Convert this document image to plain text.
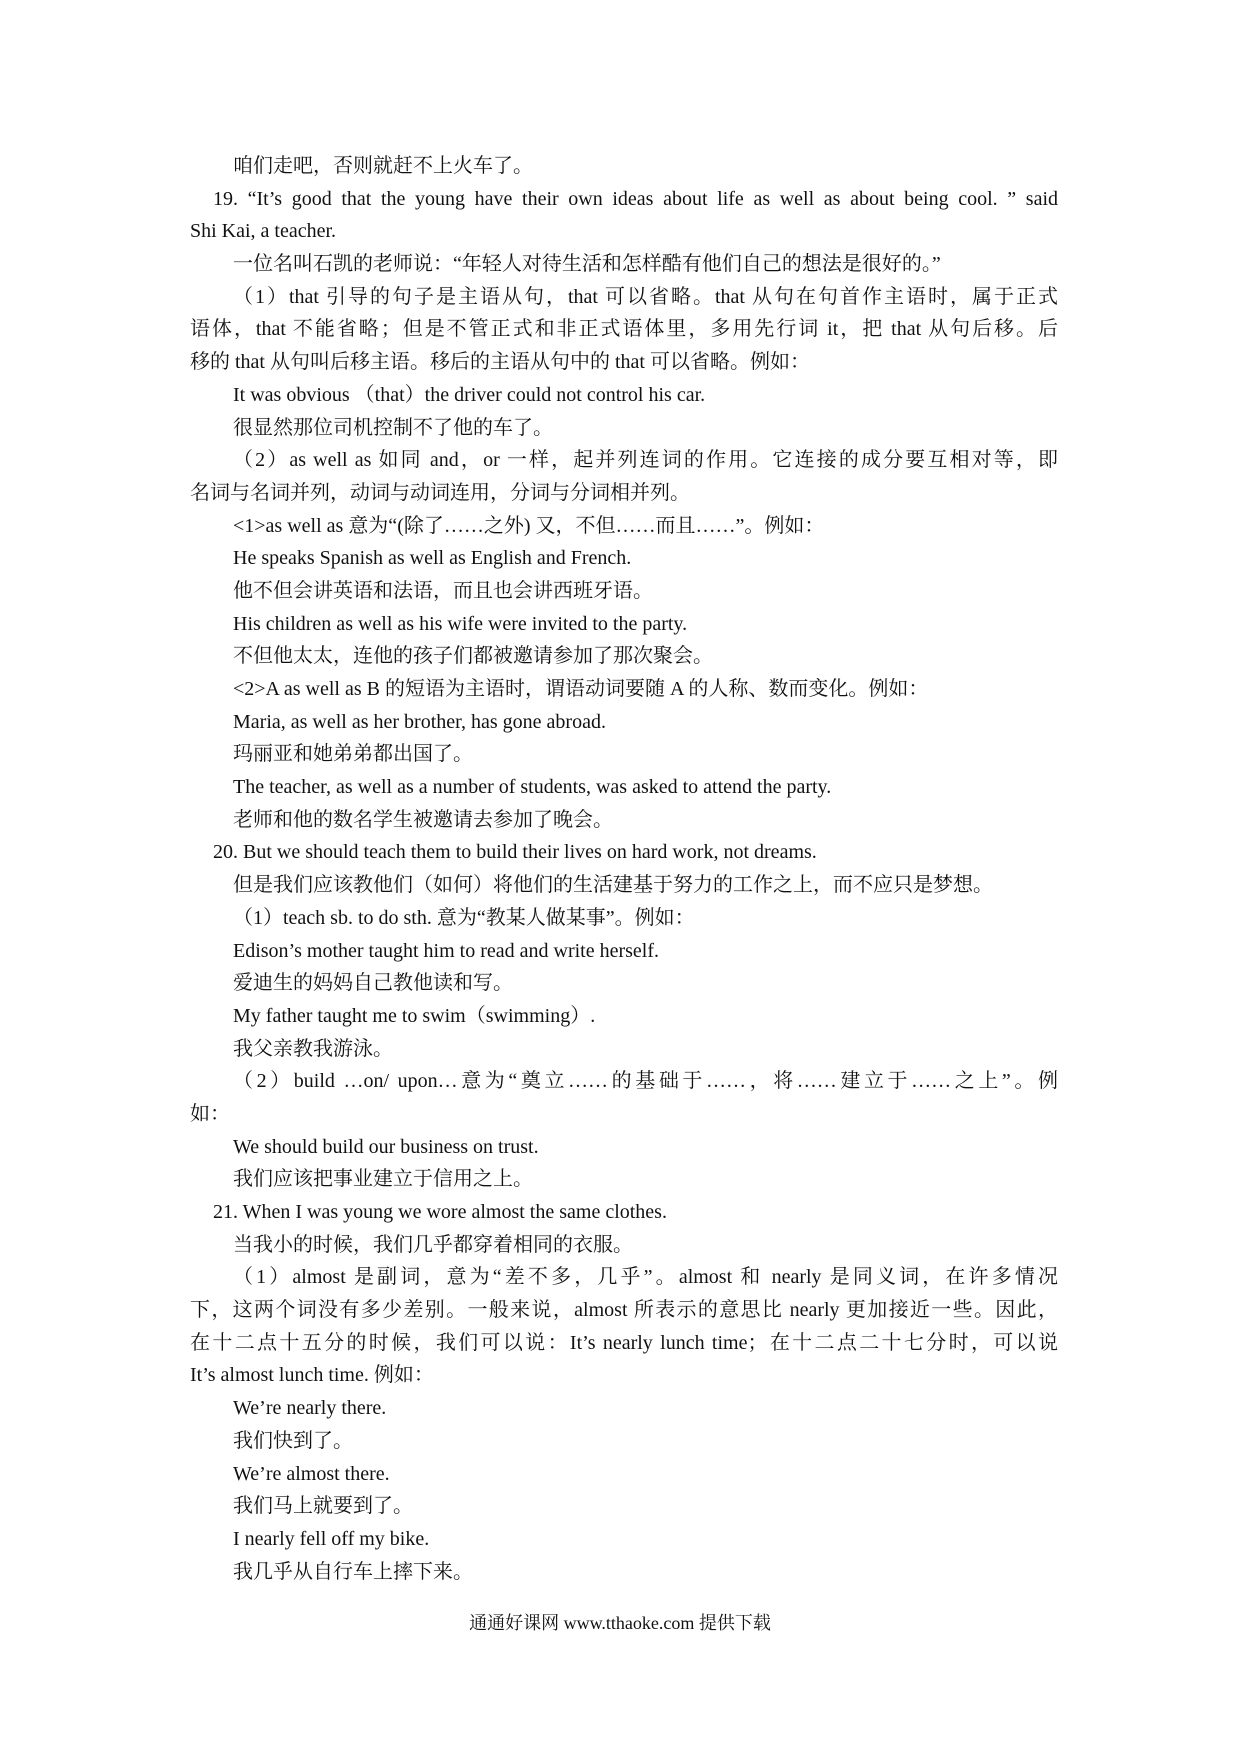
咱们走吧，否则就赶不上火车了。
19. “It’s good that the young have their own ideas about life as well as about being cool. ” said
Shi Kai, a teacher.
一位名叫石凯的老师说：“年轻人对待生活和怎样酷有他们自己的想法是很好的。”
（1）that 引导的句子是主语从句，that 可以省略。that 从句在句首作主语时，属于正式
语体，that 不能省略；但是不管正式和非正式语体里，多用先行词 it，把 that 从句后移。后
移的 that 从句叫后移主语。移后的主语从句中的 that 可以省略。例如：
It was obvious （that）the driver could not control his car.
很显然那位司机控制不了他的车了。
（2）as well as 如同 and，or 一样，起并列连词的作用。它连接的成分要互相对等，即
名词与名词并列，动词与动词连用，分词与分词相并列。
<1>as well as 意为“(除了……之外) 又，不但……而且……”。例如：
He speaks Spanish as well as English and French.
他不但会讲英语和法语，而且也会讲西班牙语。
His children as well as his wife were invited to the party.
不但他太太，连他的孩子们都被邀请参加了那次聚会。
<2>A as well as B 的短语为主语时，谓语动词要随 A 的人称、数而变化。例如：
Maria, as well as her brother, has gone abroad.
玛丽亚和她弟弟都出国了。
The teacher, as well as a number of students, was asked to attend the party.
老师和他的数名学生被邀请去参加了晚会。
20. But we should teach them to build their lives on hard work, not dreams.
但是我们应该教他们（如何）将他们的生活建基于努力的工作之上，而不应只是梦想。
（1）teach sb. to do sth. 意为“教某人做某事”。例如：
Edison’s mother taught him to read and write herself.
爱迪生的妈妈自己教他读和写。
My father taught me to swim（swimming）.
我父亲教我游泳。
（2）build …on/ upon…意为“奠立……的基础于……，将……建立于……之上”。例
如：
We should build our business on trust.
我们应该把事业建立于信用之上。
21. When I was young we wore almost the same clothes.
当我小的时候，我们几乎都穿着相同的衣服。
（1）almost 是副词，意为“差不多，几乎”。almost 和 nearly 是同义词，在许多情况
下，这两个词没有多少差别。一般来说，almost 所表示的意思比 nearly 更加接近一些。因此，
在十二点十五分的时候，我们可以说：It’s nearly lunch time；在十二点二十七分时，可以说
It’s almost lunch time. 例如：
We’re nearly there.
我们快到了。
We’re almost there.
我们马上就要到了。
I nearly fell off my bike.
我几乎从自行车上摔下来。
通通好课网 www.tthaoke.com 提供下载
